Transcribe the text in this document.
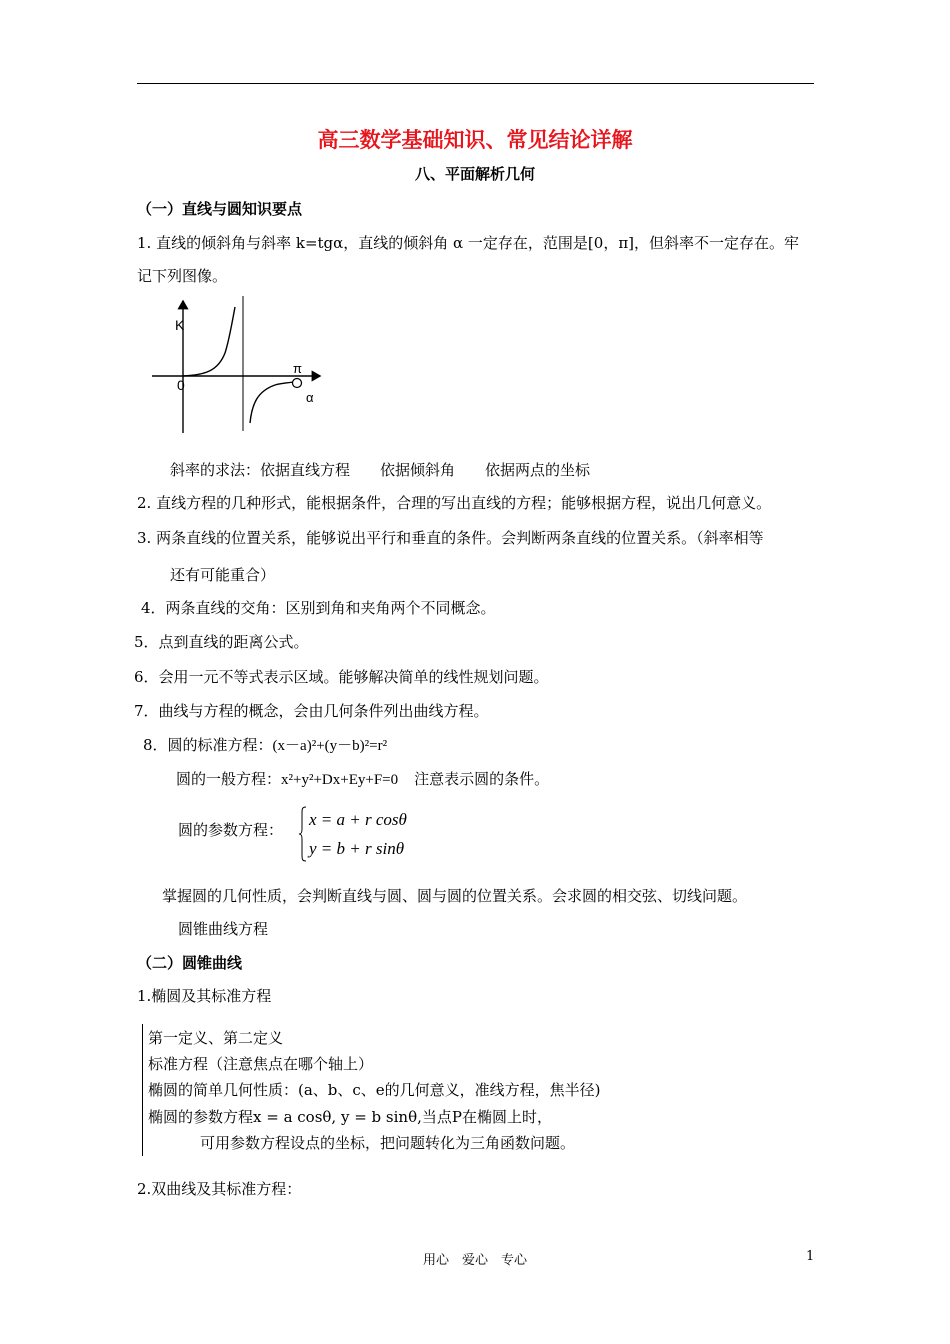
高三数学基础知识、常见结论详解
八、平面解析几何
（一）直线与圆知识要点
1. 直线的倾斜角与斜率 k=tgα，直线的倾斜角 α 一定存在，范围是[0，π]，但斜率不一定存在。牢
记下列图像。
K
0
π
α
斜率的求法：依据直线方程　　依据倾斜角　　依据两点的坐标
2. 直线方程的几种形式，能根据条件，合理的写出直线的方程；能够根据方程，说出几何意义。
3. 两条直线的位置关系，能够说出平行和垂直的条件。会判断两条直线的位置关系。（斜率相等
还有可能重合）
4．两条直线的交角：区别到角和夹角两个不同概念。
5．点到直线的距离公式。
6．会用一元不等式表示区域。能够解决简单的线性规划问题。
7．曲线与方程的概念，会由几何条件列出曲线方程。
8．圆的标准方程：(x－a)²+(y－b)²=r²
圆的一般方程：x²+y²+Dx+Ey+F=0 注意表示圆的条件。
圆的参数方程：
x = a + r cosθ
y = b + r sinθ
掌握圆的几何性质，会判断直线与圆、圆与圆的位置关系。会求圆的相交弦、切线问题。
圆锥曲线方程
（二）圆锥曲线
1.椭圆及其标准方程
第一定义、第二定义
标准方程（注意焦点在哪个轴上）
椭圆的简单几何性质：(a、b、c、e的几何意义，准线方程，焦半径)
椭圆的参数方程x = a cosθ, y = b sinθ,当点P在椭圆上时，
可用参数方程设点的坐标，把问题转化为三角函数问题。
2.双曲线及其标准方程：
用心　爱心　专心	1
